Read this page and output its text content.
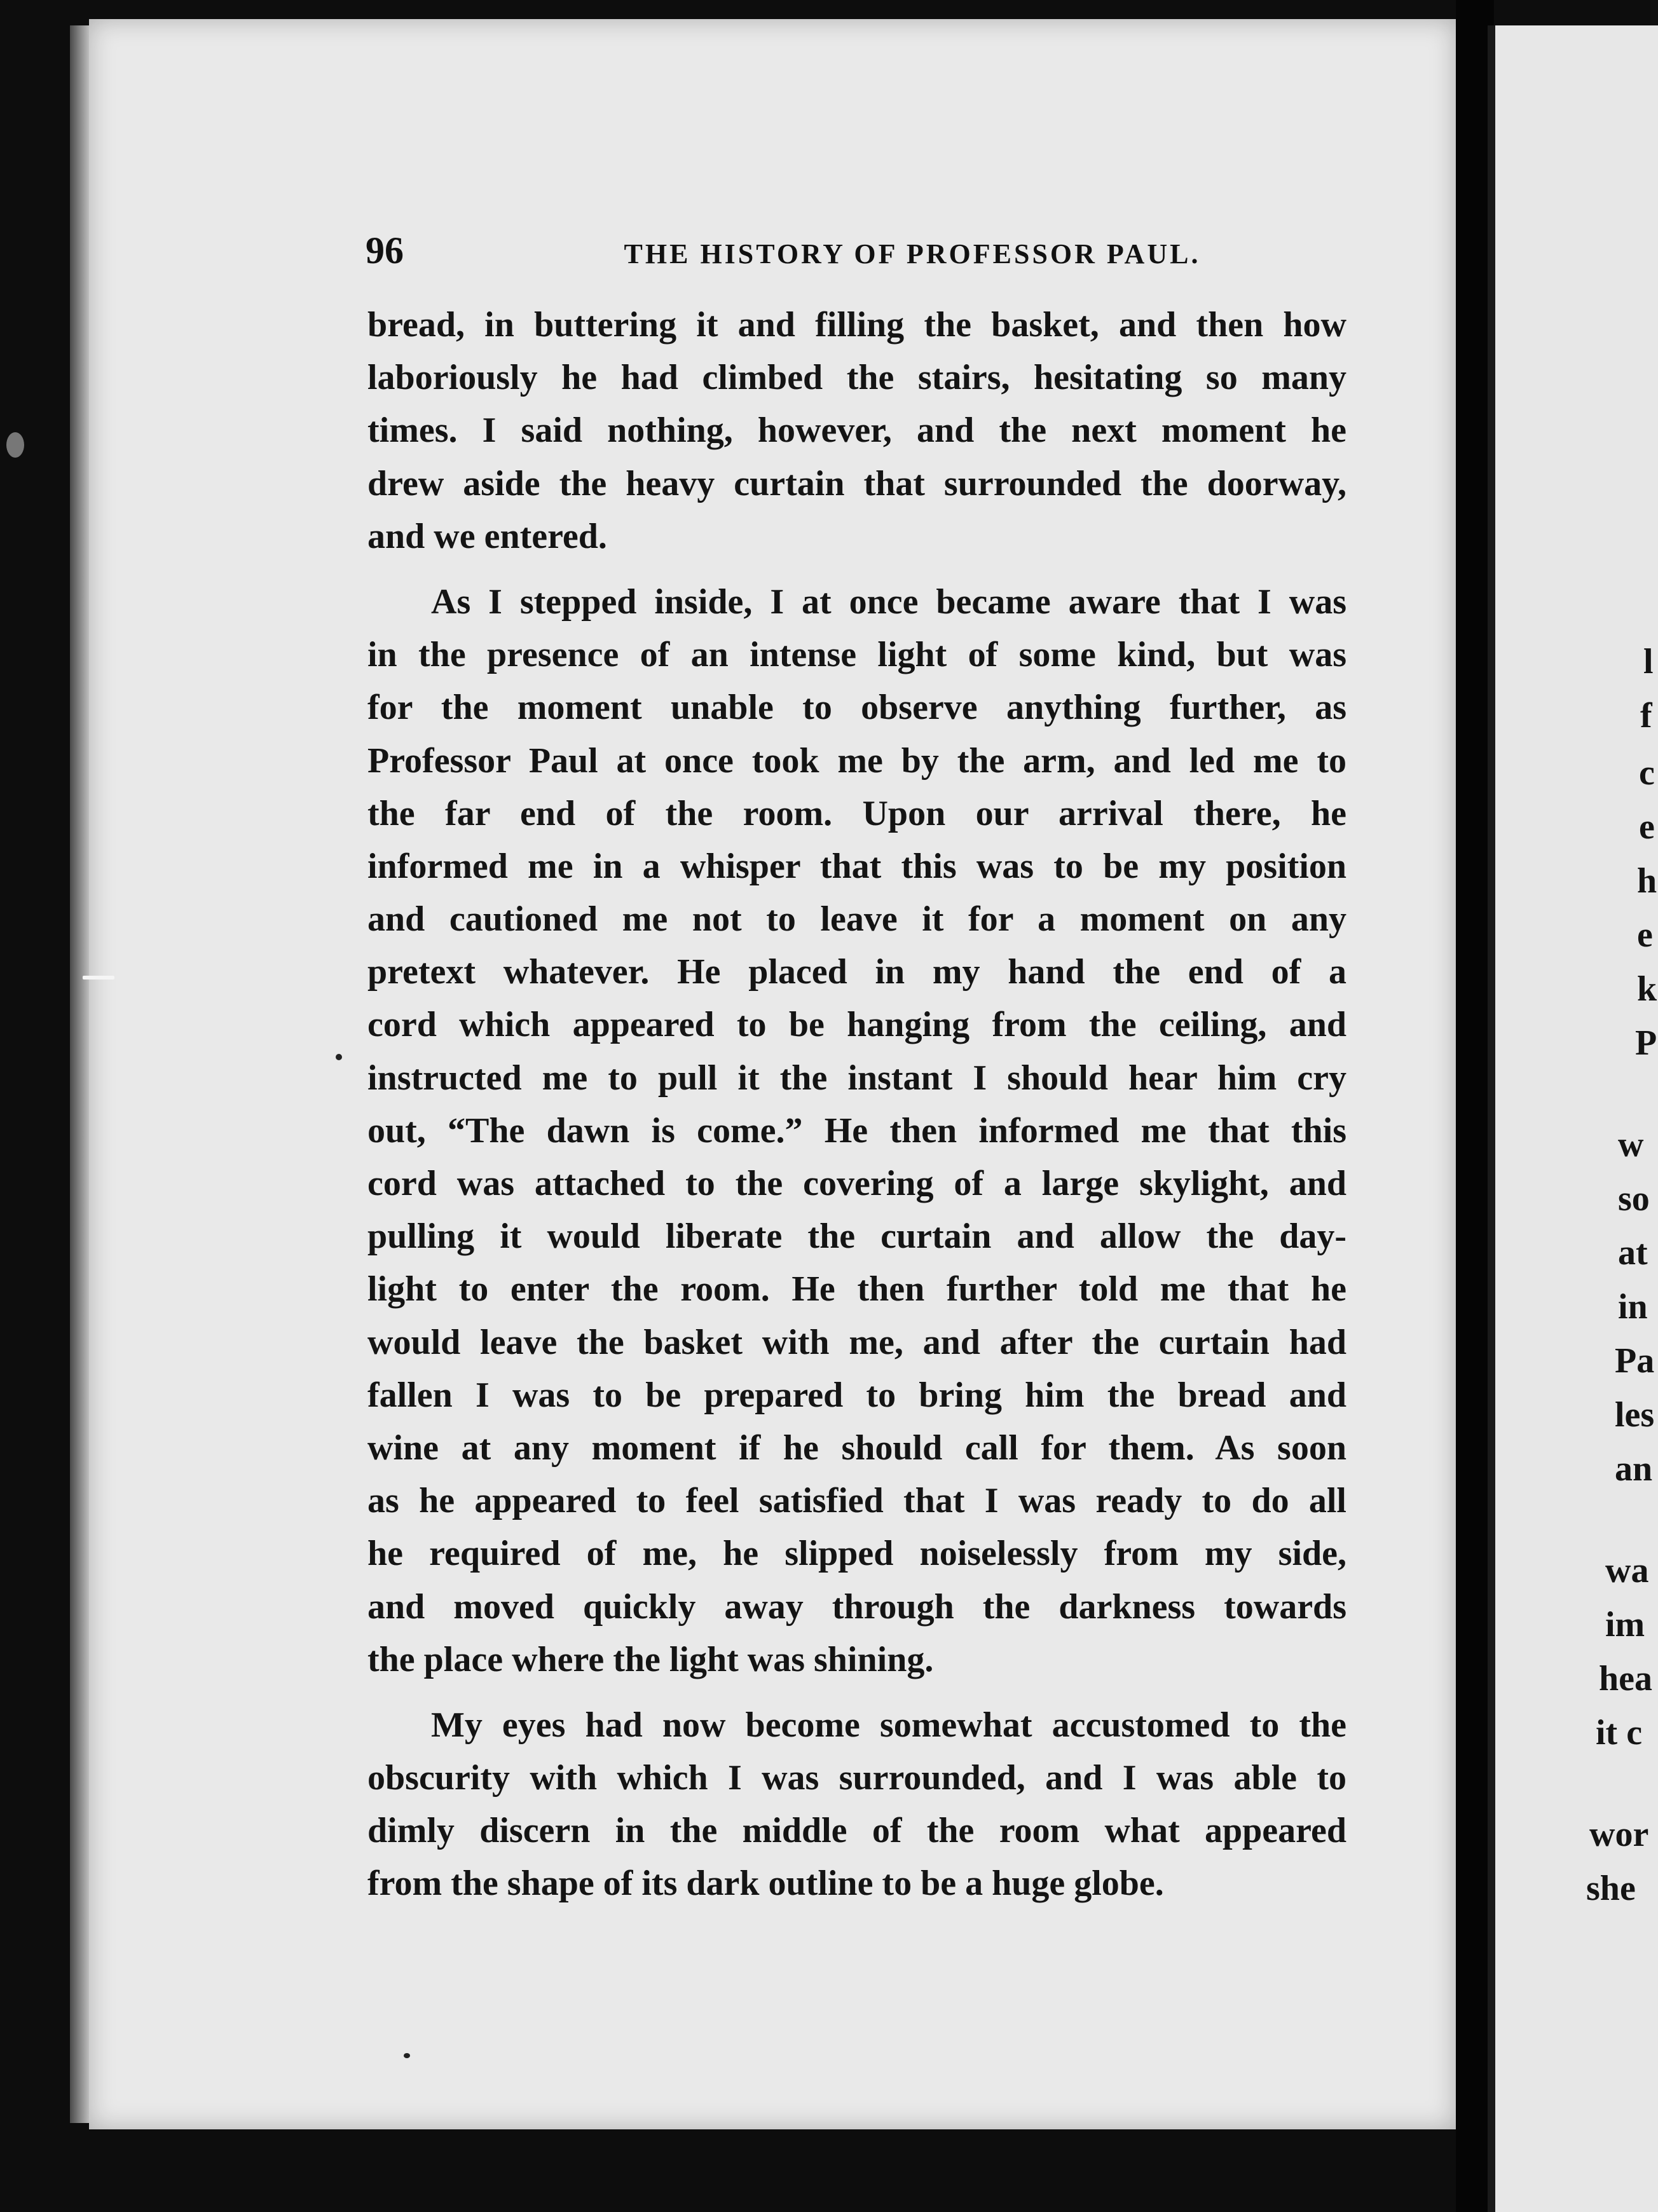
96	THE HISTORY OF PROFESSOR PAUL.
bread, in buttering it and filling the basket, and then how
laboriously he had climbed the stairs, hesitating so many
times. I said nothing, however, and the next moment he
drew aside the heavy curtain that surrounded the doorway,
and we entered.
As I stepped inside, I at once became aware that I was
in the presence of an intense light of some kind, but was
for the moment unable to observe anything further, as
Professor Paul at once took me by the arm, and led me to
the far end of the room. Upon our arrival there, he
informed me in a whisper that this was to be my position
and cautioned me not to leave it for a moment on any
pretext whatever. He placed in my hand the end of a
cord which appeared to be hanging from the ceiling, and
instructed me to pull it the instant I should hear him cry
out, “The dawn is come.” He then informed me that this
cord was attached to the covering of a large skylight, and
pulling it would liberate the curtain and allow the day-
light to enter the room. He then further told me that he
would leave the basket with me, and after the curtain had
fallen I was to be prepared to bring him the bread and
wine at any moment if he should call for them. As soon
as he appeared to feel satisfied that I was ready to do all
he required of me, he slipped noiselessly from my side,
and moved quickly away through the darkness towards
the place where the light was shining.
My eyes had now become somewhat accustomed to the
obscurity with which I was surrounded, and I was able to
dimly discern in the middle of the room what appeared
from the shape of its dark outline to be a huge globe.
l
f
c
e
h
e
k
P
w
so
at
in
Pa
les
an
wa
im
hea
it c
wor
she
